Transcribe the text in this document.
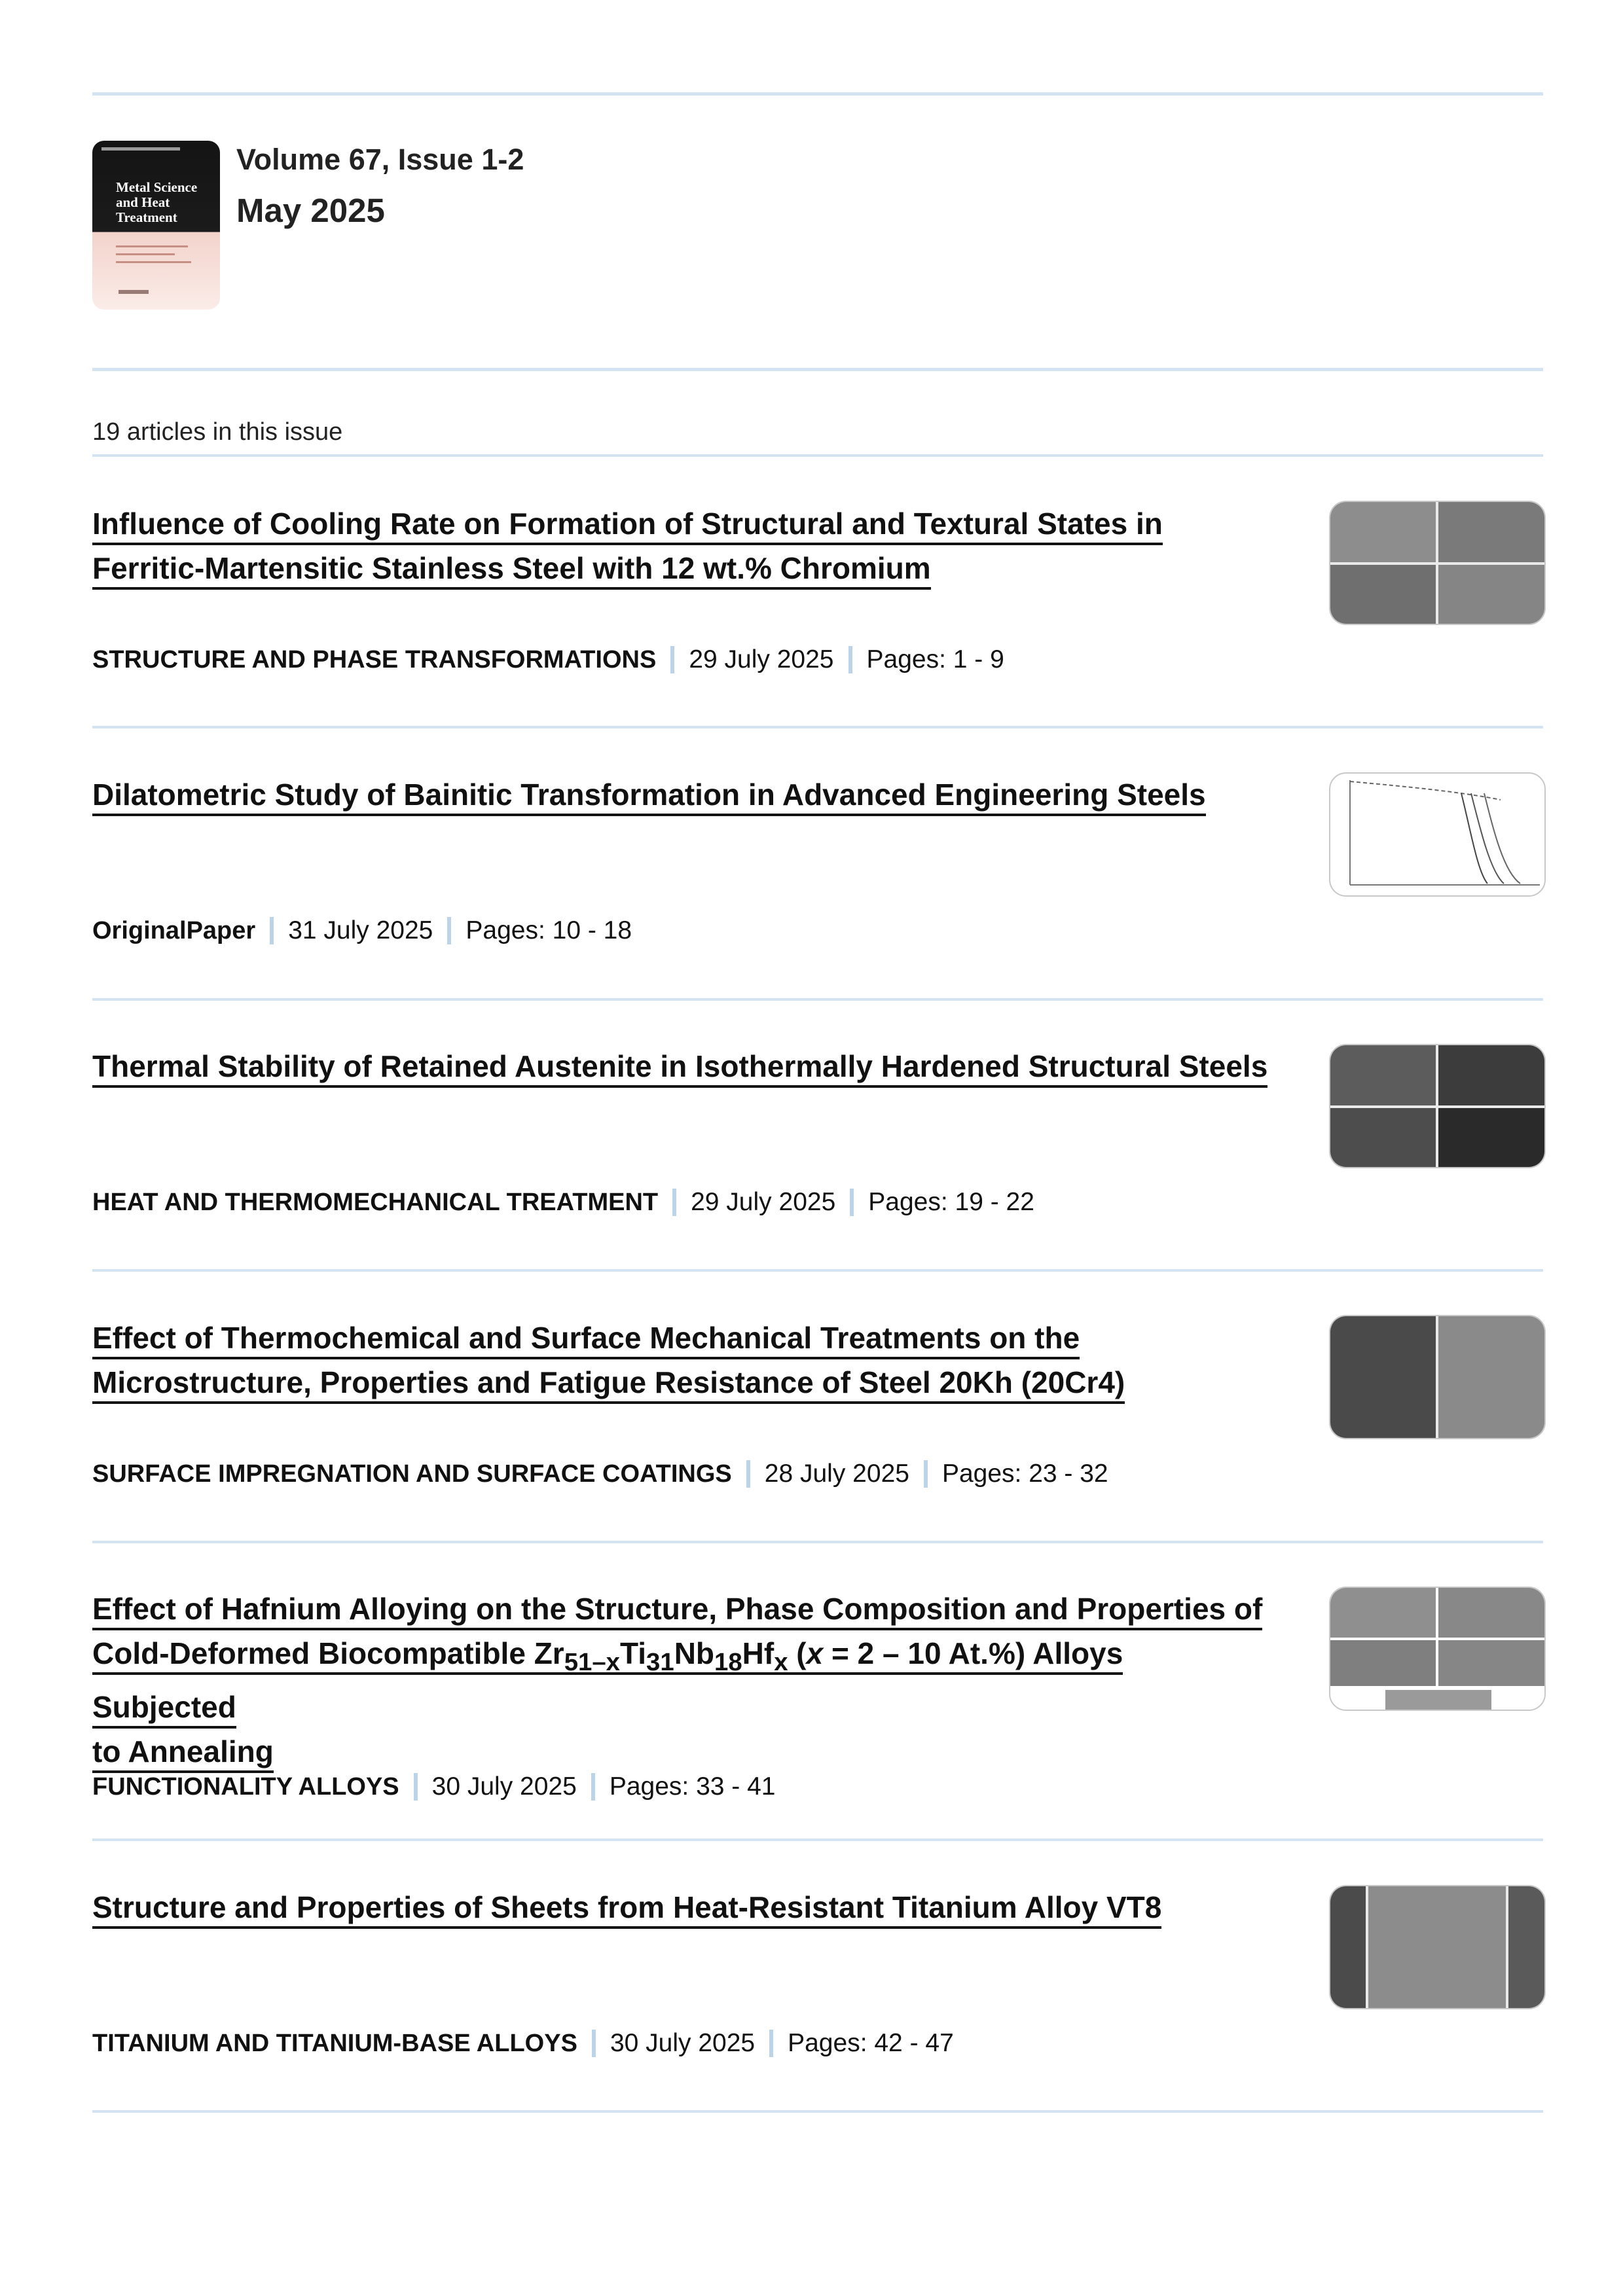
Metal Science and Heat Treatment
Volume 67, Issue 1-2
May 2025
19 articles in this issue
Influence of Cooling Rate on Formation of Structural and Textural States in
Ferritic-Martensitic Stainless Steel with 12 wt.% Chromium
STRUCTURE AND PHASE TRANSFORMATIONS 29 July 2025 Pages: 1 - 9
Dilatometric Study of Bainitic Transformation in Advanced Engineering Steels
OriginalPaper 31 July 2025 Pages: 10 - 18
Thermal Stability of Retained Austenite in Isothermally Hardened Structural Steels
HEAT AND THERMOMECHANICAL TREATMENT 29 July 2025 Pages: 19 - 22
Effect of Thermochemical and Surface Mechanical Treatments on the
Microstructure, Properties and Fatigue Resistance of Steel 20Kh (20Cr4)
SURFACE IMPREGNATION AND SURFACE COATINGS 28 July 2025 Pages: 23 - 32
Effect of Hafnium Alloying on the Structure, Phase Composition and Properties of
Cold-Deformed Biocompatible $Zr_{51-x}Ti_{31}Nb_{18}Hf_x$ (x = 2 – 10 At.%) Alloys Subjected
to Annealing
FUNCTIONALITY ALLOYS 30 July 2025 Pages: 33 - 41
Structure and Properties of Sheets from Heat-Resistant Titanium Alloy VT8
TITANIUM AND TITANIUM-BASE ALLOYS 30 July 2025 Pages: 42 - 47
